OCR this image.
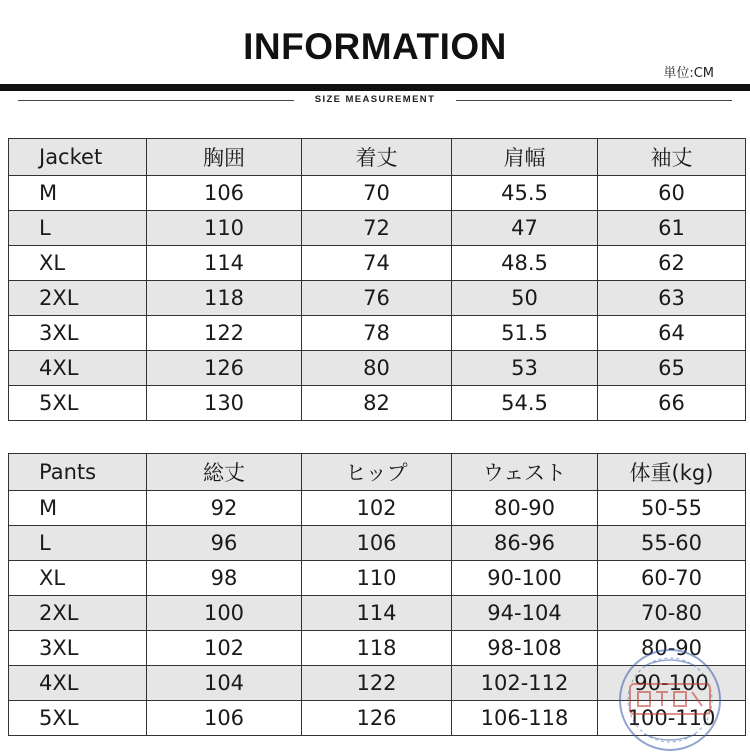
INFORMATION
単位:CM
SIZE MEASUREMENT
Jacket	胸囲	着丈	肩幅	袖丈
M	106	70	45.5	60
L	110	72	47	61
XL	114	74	48.5	62
2XL	118	76	50	63
3XL	122	78	51.5	64
4XL	126	80	53	65
5XL	130	82	54.5	66
Pants	総丈	ヒップ	ウェスト	体重(kg)
M	92	102	80-90	50-55
L	96	106	86-96	55-60
XL	98	110	90-100	60-70
2XL	100	114	94-104	70-80
3XL	102	118	98-108	80-90
4XL	104	122	102-112	90-100
5XL	106	126	106-118	100-110
